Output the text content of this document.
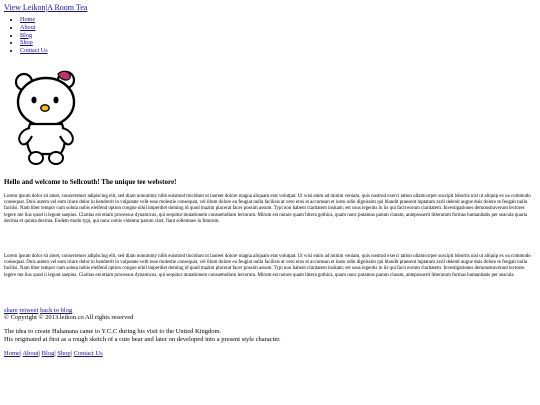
View Leikon|A Room Tea
• Home
• About
• Blog
• Shop
• Contact Us
Hello and welcome to Sellcouth! The unique tee webstore!

Lorem ipsum dolor sit amet, consectetuer adipiscing elit, sed diam nonummy nibh euismod tincidunt ut laoreet dolore magna aliquam erat volutpat. Ut wisi enim ad minim veniam, quis nostrud exerci tation ullamcorper suscipit lobortis nisl ut aliquip ex ea commodo consequat. Duis autem vel eum iriure dolor in hendrerit in vulputate velit esse molestie consequat, vel illum dolore eu feugiat nulla facilisis at vero eros et accumsan et iusto odio dignissim qui blandit praesent luptatum zzril delenit augue duis dolore te feugait nulla facilisi. Nam liber tempor cum soluta nobis eleifend option congue nihil imperdiet doming id quod mazim placerat facer possim assum. Typi non habent claritatem insitam; est usus legentis in iis qui facit eorum claritatem. Investigationes demonstraverunt lectores legere me lius quod ii legunt saepius. Claritas est etiam processus dynamicus, qui sequitur mutationem consuetudium lectorum. Mirum est notare quam littera gothica, quam nunc putamus parum claram, anteposuerit litterarum formas humanitatis per seacula quarta decima et quinta decima. Eodem modo typi, qui nunc nobis videntur parum clari, fiant sollemnes in futurum.

Lorem ipsum dolor sit amet, consectetuer adipiscing elit, sed diam nonummy nibh euismod tincidunt ut laoreet dolore magna aliquam erat volutpat. Ut wisi enim ad minim veniam, quis nostrud exerci tation ullamcorper suscipit lobortis nisl ut aliquip ex ea commodo consequat. Duis autem vel eum iriure dolor in hendrerit in vulputate velit esse molestie consequat, vel illum dolore eu feugiat nulla facilisis at vero eros et accumsan et iusto odio dignissim qui blandit praesent luptatum zzril delenit augue duis dolore te feugait nulla facilisi. Nam liber tempor cum soluta nobis eleifend option congue nihil imperdiet doming id quod mazim placerat facer possim assum. Typi non habent claritatem insitam; est usus legentis in iis qui facit eorum claritatem. Investigationes demonstraverunt lectores legere me lius quod ii legunt saepius. Claritas est etiam processus dynamicus, qui sequitur mutationem consuetudium lectorum. Mirum est notare quam littera gothica, quam nunc putamus parum claram, anteposuerit litterarum formas humanitatis per seacula

share retweet back to blog
© Copyright © 2013.leikon.co All rights reserved
The idea to create Hahanana came to Y.C.C during his visit to the United Kingdom.
His originated at first as a rough sketch of a cute bear and later on developed into a present style character.
Home| About| Blog| Shop| Contact Us
